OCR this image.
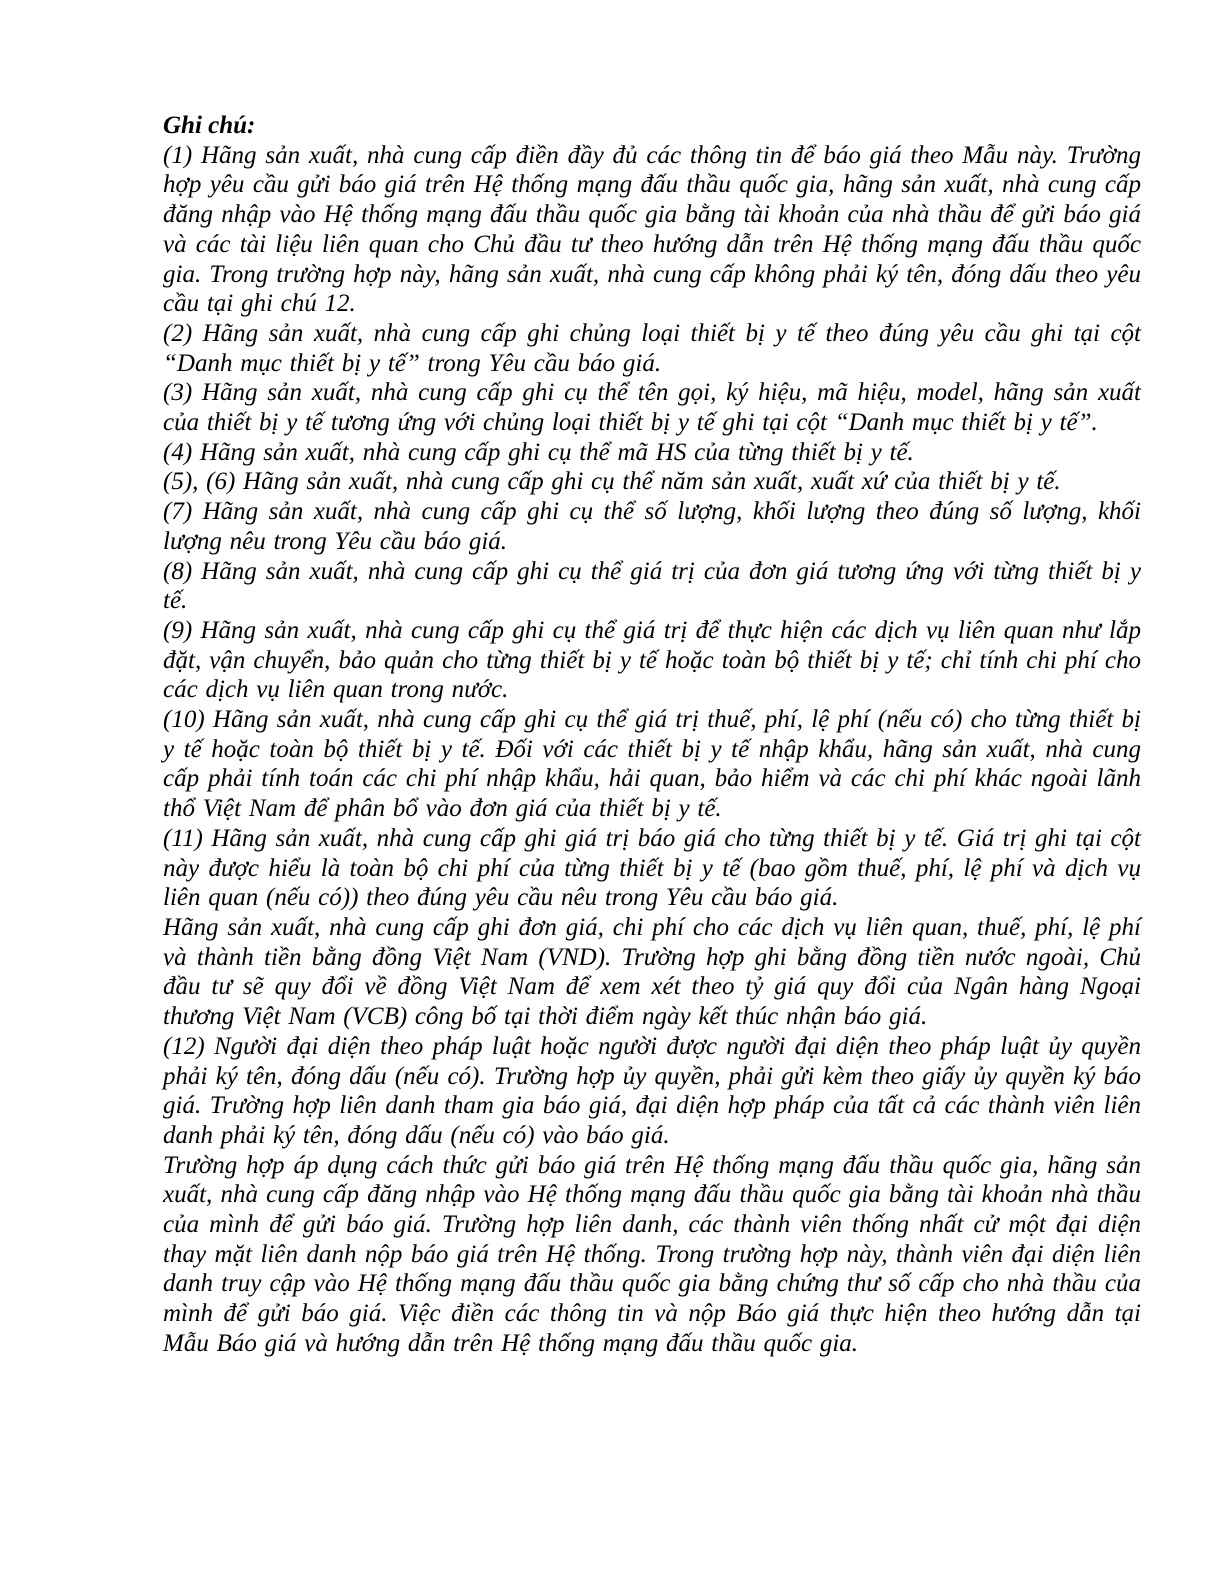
Ghi chú:

(1) Hãng sản xuất, nhà cung cấp điền đầy đủ các thông tin để báo giá theo Mẫu này. Trường hợp yêu cầu gửi báo giá trên Hệ thống mạng đấu thầu quốc gia, hãng sản xuất, nhà cung cấp đăng nhập vào Hệ thống mạng đấu thầu quốc gia bằng tài khoản của nhà thầu để gửi báo giá và các tài liệu liên quan cho Chủ đầu tư theo hướng dẫn trên Hệ thống mạng đấu thầu quốc gia. Trong trường hợp này, hãng sản xuất, nhà cung cấp không phải ký tên, đóng dấu theo yêu cầu tại ghi chú 12.

(2) Hãng sản xuất, nhà cung cấp ghi chủng loại thiết bị y tế theo đúng yêu cầu ghi tại cột “Danh mục thiết bị y tế” trong Yêu cầu báo giá.

(3) Hãng sản xuất, nhà cung cấp ghi cụ thể tên gọi, ký hiệu, mã hiệu, model, hãng sản xuất của thiết bị y tế tương ứng với chủng loại thiết bị y tế ghi tại cột “Danh mục thiết bị y tế”.

(4) Hãng sản xuất, nhà cung cấp ghi cụ thể mã HS của từng thiết bị y tế.

(5), (6) Hãng sản xuất, nhà cung cấp ghi cụ thể năm sản xuất, xuất xứ của thiết bị y tế.

(7) Hãng sản xuất, nhà cung cấp ghi cụ thể số lượng, khối lượng theo đúng số lượng, khối lượng nêu trong Yêu cầu báo giá.

(8) Hãng sản xuất, nhà cung cấp ghi cụ thể giá trị của đơn giá tương ứng với từng thiết bị y tế.

(9) Hãng sản xuất, nhà cung cấp ghi cụ thể giá trị để thực hiện các dịch vụ liên quan như lắp đặt, vận chuyển, bảo quản cho từng thiết bị y tế hoặc toàn bộ thiết bị y tế; chỉ tính chi phí cho các dịch vụ liên quan trong nước.

(10) Hãng sản xuất, nhà cung cấp ghi cụ thể giá trị thuế, phí, lệ phí (nếu có) cho từng thiết bị y tế hoặc toàn bộ thiết bị y tế. Đối với các thiết bị y tế nhập khẩu, hãng sản xuất, nhà cung cấp phải tính toán các chi phí nhập khẩu, hải quan, bảo hiểm và các chi phí khác ngoài lãnh thổ Việt Nam để phân bổ vào đơn giá của thiết bị y tế.

(11) Hãng sản xuất, nhà cung cấp ghi giá trị báo giá cho từng thiết bị y tế. Giá trị ghi tại cột này được hiểu là toàn bộ chi phí của từng thiết bị y tế (bao gồm thuế, phí, lệ phí và dịch vụ liên quan (nếu có)) theo đúng yêu cầu nêu trong Yêu cầu báo giá.

Hãng sản xuất, nhà cung cấp ghi đơn giá, chi phí cho các dịch vụ liên quan, thuế, phí, lệ phí và thành tiền bằng đồng Việt Nam (VND). Trường hợp ghi bằng đồng tiền nước ngoài, Chủ đầu tư sẽ quy đổi về đồng Việt Nam để xem xét theo tỷ giá quy đổi của Ngân hàng Ngoại thương Việt Nam (VCB) công bố tại thời điểm ngày kết thúc nhận báo giá.

(12) Người đại diện theo pháp luật hoặc người được người đại diện theo pháp luật ủy quyền phải ký tên, đóng dấu (nếu có). Trường hợp ủy quyền, phải gửi kèm theo giấy ủy quyền ký báo giá. Trường hợp liên danh tham gia báo giá, đại diện hợp pháp của tất cả các thành viên liên danh phải ký tên, đóng dấu (nếu có) vào báo giá.

Trường hợp áp dụng cách thức gửi báo giá trên Hệ thống mạng đấu thầu quốc gia, hãng sản xuất, nhà cung cấp đăng nhập vào Hệ thống mạng đấu thầu quốc gia bằng tài khoản nhà thầu của mình để gửi báo giá. Trường hợp liên danh, các thành viên thống nhất cử một đại diện thay mặt liên danh nộp báo giá trên Hệ thống. Trong trường hợp này, thành viên đại diện liên danh truy cập vào Hệ thống mạng đấu thầu quốc gia bằng chứng thư số cấp cho nhà thầu của mình để gửi báo giá. Việc điền các thông tin và nộp Báo giá thực hiện theo hướng dẫn tại Mẫu Báo giá và hướng dẫn trên Hệ thống mạng đấu thầu quốc gia.
